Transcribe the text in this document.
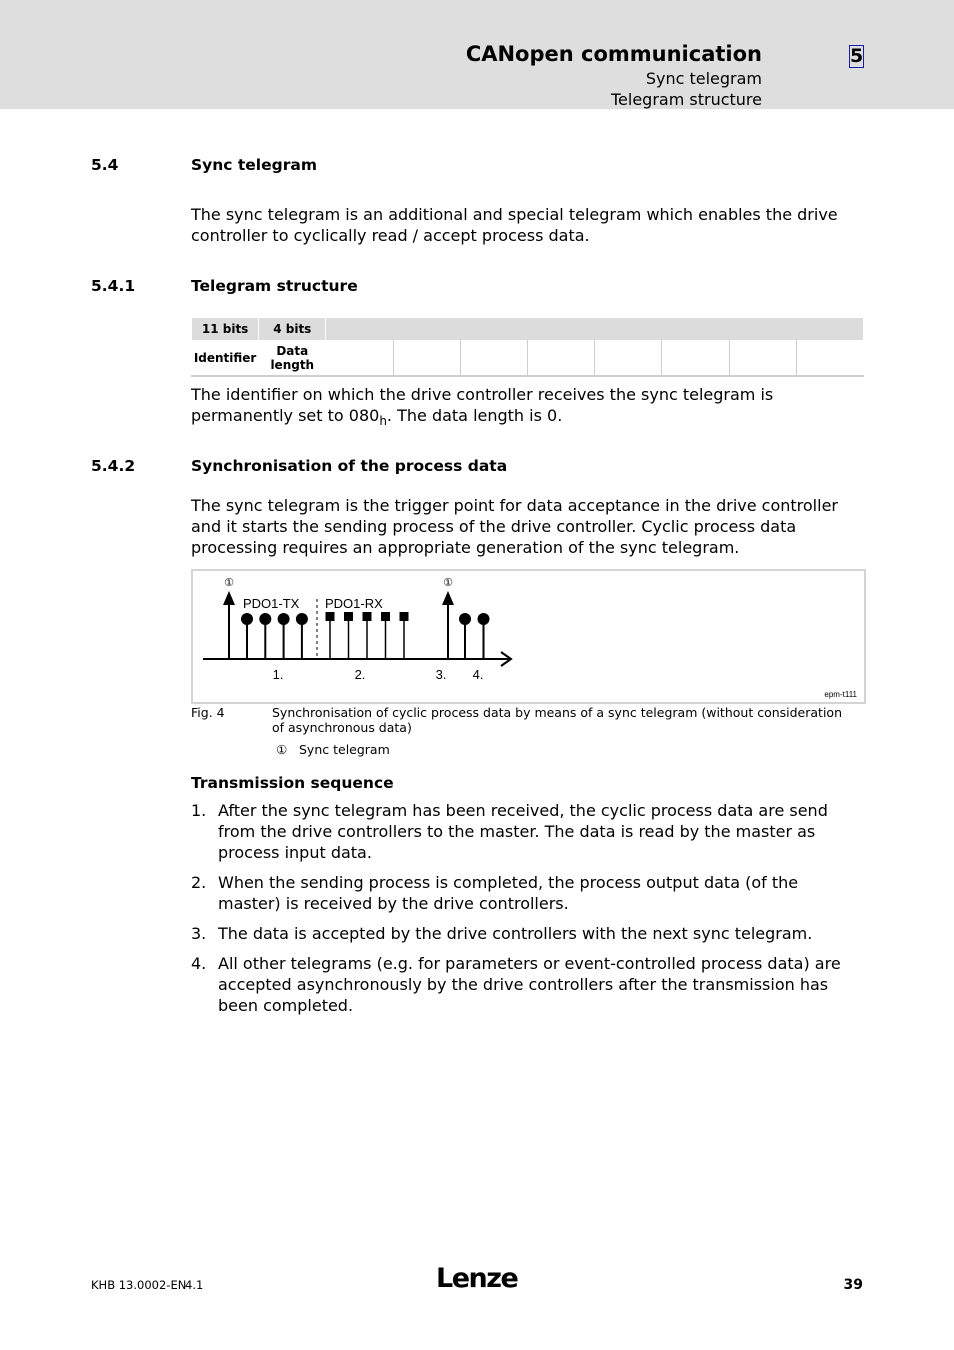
CANopen communication
Sync telegram
Telegram structure
5
5.4	Sync telegram
The sync telegram is an additional and special telegram which enables the drive controller to cyclically read / accept process data.
5.4.1	Telegram structure
11 bits	4 bits								
Identifier	Data
length								
The identifier on which the drive controller receives the sync telegram is permanently set to $080_h$. The data length is 0.
5.4.2	Synchronisation of the process data
The sync telegram is the trigger point for data acceptance in the drive controller and it starts the sending process of the drive controller. Cyclic process data processing requires an appropriate generation of the sync telegram.
①	①
PDO1-TX PDO1-RX
1.	2.	3. 4.
epm-t111
Fig. 4	Synchronisation of cyclic process data by means of a sync telegram (without consideration of asynchronous data)
① Sync telegram
Transmission sequence
1. After the sync telegram has been received, the cyclic process data are send from the drive controllers to the master. The data is read by the master as process input data.
2. When the sending process is completed, the process output data (of the master) is received by the drive controllers.
3. The data is accepted by the drive controllers with the next sync telegram.
4. All other telegrams (e.g. for parameters or event-controlled process data) are accepted asynchronously by the drive controllers after the transmission has been completed.
KHB 13.0002-EN
4.1	Lenze	39
